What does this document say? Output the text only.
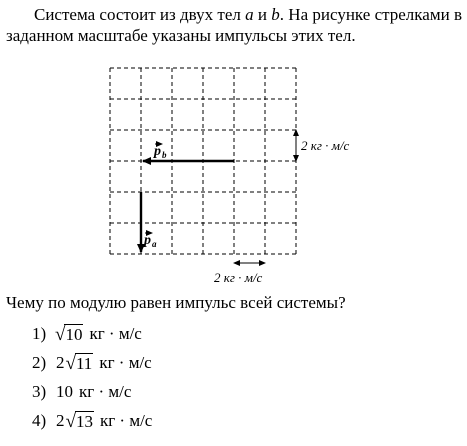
Система состоит из двух тел a и b. На рисунке стрелками в заданном масштабе указаны импульсы этих тел.

p b
p a
2 кг · м/с
2 кг · м/с

Чему по модулю равен импульс всей системы?

1 ) √ 10 кг · м/с
2 ) 2 √ 11 кг · м/с
3 ) 10 кг · м/с
4 ) 2 √ 13 кг · м/с
